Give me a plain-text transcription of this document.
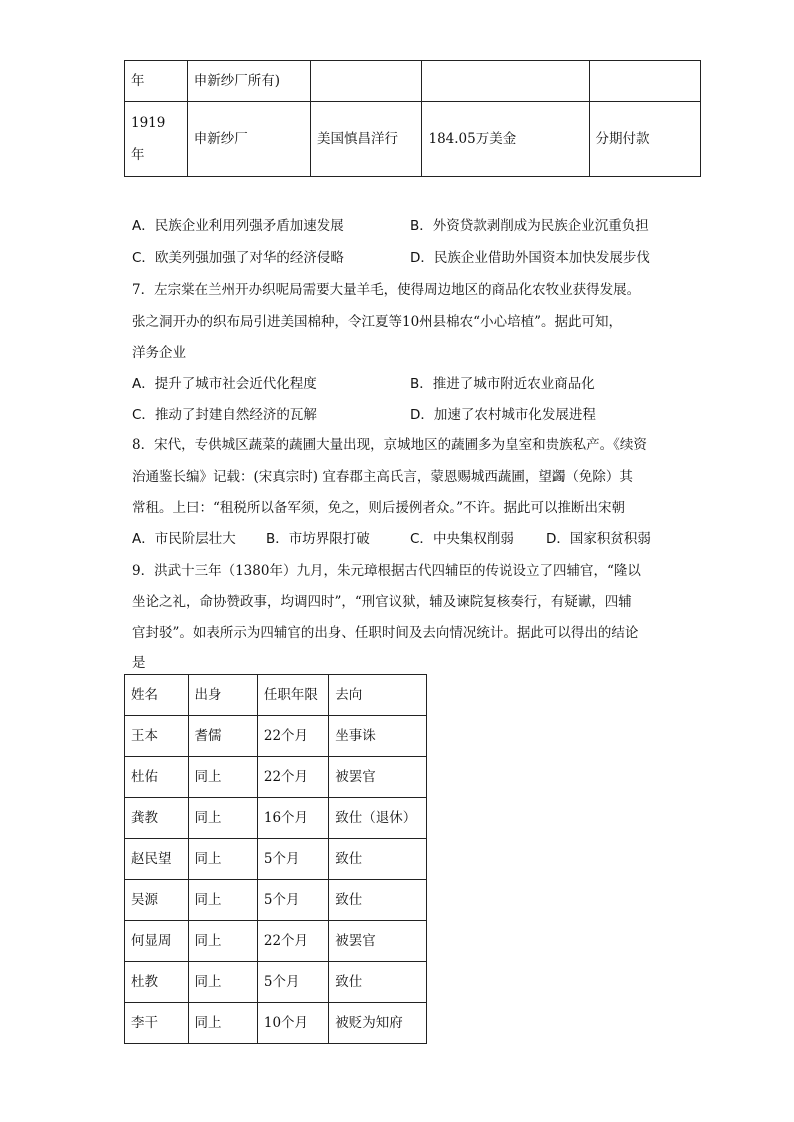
年	申新纱厂所有)			

1919
年	申新纱厂	美国慎昌洋行	184.05万美金	分期付款
A．民族企业利用列强矛盾加速发展	B．外资贷款剥削成为民族企业沉重负担
C．欧美列强加强了对华的经济侵略	D．民族企业借助外国资本加快发展步伐
7．左宗棠在兰州开办织呢局需要大量羊毛，使得周边地区的商品化农牧业获得发展。
张之洞开办的织布局引进美国棉种，令江夏等10州县棉农“小心培植”。据此可知，
洋务企业
A．提升了城市社会近代化程度	B．推进了城市附近农业商品化
C．推动了封建自然经济的瓦解	D．加速了农村城市化发展进程
8．宋代，专供城区蔬菜的蔬圃大量出现，京城地区的蔬圃多为皇室和贵族私产。《续资
治通鉴长编》记载：(宋真宗时) 宜春郡主高氏言，蒙恩赐城西蔬圃，望蠲（免除）其
常租。上曰：“租税所以备军须，免之，则后援例者众。”不许。据此可以推断出宋朝
A．市民阶层壮大 B．市坊界限打破	C．中央集权削弱 D．国家积贫积弱
9．洪武十三年（1380年）九月，朱元璋根据古代四辅臣的传说设立了四辅官，“隆以
坐论之礼，命协赞政事，均调四时”，“刑官议狱，辅及谏院复核奏行，有疑谳，四辅
官封驳”。如表所示为四辅官的出身、任职时间及去向情况统计。据此可以得出的结论
是
姓名	出身	任职年限	去向
王本	耆儒	22个月	坐事诛
杜佑	同上	22个月	被罢官
龚教	同上	16个月	致仕（退休）
赵民望	同上	5个月	致仕
吴源	同上	5个月	致仕
何显周	同上	22个月	被罢官
杜教	同上	5个月	致仕
李干	同上	10个月	被贬为知府
